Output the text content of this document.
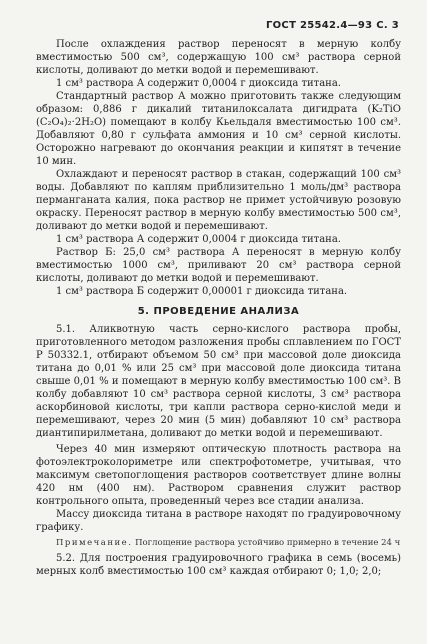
ГОСТ 25542.4—93 С. 3

После охлаждения раствор переносят в мерную колбу вместимостью 500 см³, содержащую 100 см³ раствора серной кислоты, доливают до метки водой и перемешивают.

1 см³ раствора А содержит 0,0004 г диоксида титана.

Стандартный раствор А можно приготовить также следующим образом: 0,886 г дикалий титанилоксалата дигидрата (K₂TiO (C₂O₄)₂·2H₂O) помещают в колбу Кьельдаля вместимостью 100 см³. Добавляют 0,80 г сульфата аммония и 10 см³ серной кислоты. Осторожно нагревают до окончания реакции и кипятят в течение 10 мин.

Охлаждают и переносят раствор в стакан, содержащий 100 см³ воды. Добавляют по каплям приблизительно 1 моль/дм³ раствора перманганата калия, пока раствор не примет устойчивую розовую окраску. Переносят раствор в мерную колбу вместимостью 500 см³, доливают до метки водой и перемешивают.

1 см³ раствора А содержит 0,0004 г диоксида титана.

Раствор Б: 25,0 см³ раствора А переносят в мерную колбу вместимостью 1000 см³, приливают 20 см³ раствора серной кислоты, доливают до метки водой и перемешивают.

1 см³ раствора Б содержит 0,00001 г диоксида титана.

5. ПРОВЕДЕНИЕ АНАЛИЗА

5.1. Аликвотную часть серно-кислого раствора пробы, приготовленного методом разложения пробы сплавлением по ГОСТ Р 50332.1, отбирают объемом 50 см³ при массовой доле диоксида титана до 0,01 % или 25 см³ при массовой доле диоксида титана свыше 0,01 % и помещают в мерную колбу вместимостью 100 см³. В колбу добавляют 10 см³ раствора серной кислоты, 3 см³ раствора аскорбиновой кислоты, три капли раствора серно-кислой меди и перемешивают, через 20 мин (5 мин) добавляют 10 см³ раствора диантипирилметана, доливают до метки водой и перемешивают.

Через 40 мин измеряют оптическую плотность раствора на фотоэлектроколориметре или спектрофотометре, учитывая, что максимум светопоглощения растворов соответствует длине волны 420 нм (400 нм). Раствором сравнения служит раствор контрольного опыта, проведенный через все стадии анализа.

Массу диоксида титана в растворе находят по градуировочному графику.

Примечание. Поглощение раствора устойчиво примерно в течение 24 ч

5.2. Для построения градуировочного графика в семь (восемь) мерных колб вместимостью 100 см³ каждая отбирают 0; 1,0; 2,0;
